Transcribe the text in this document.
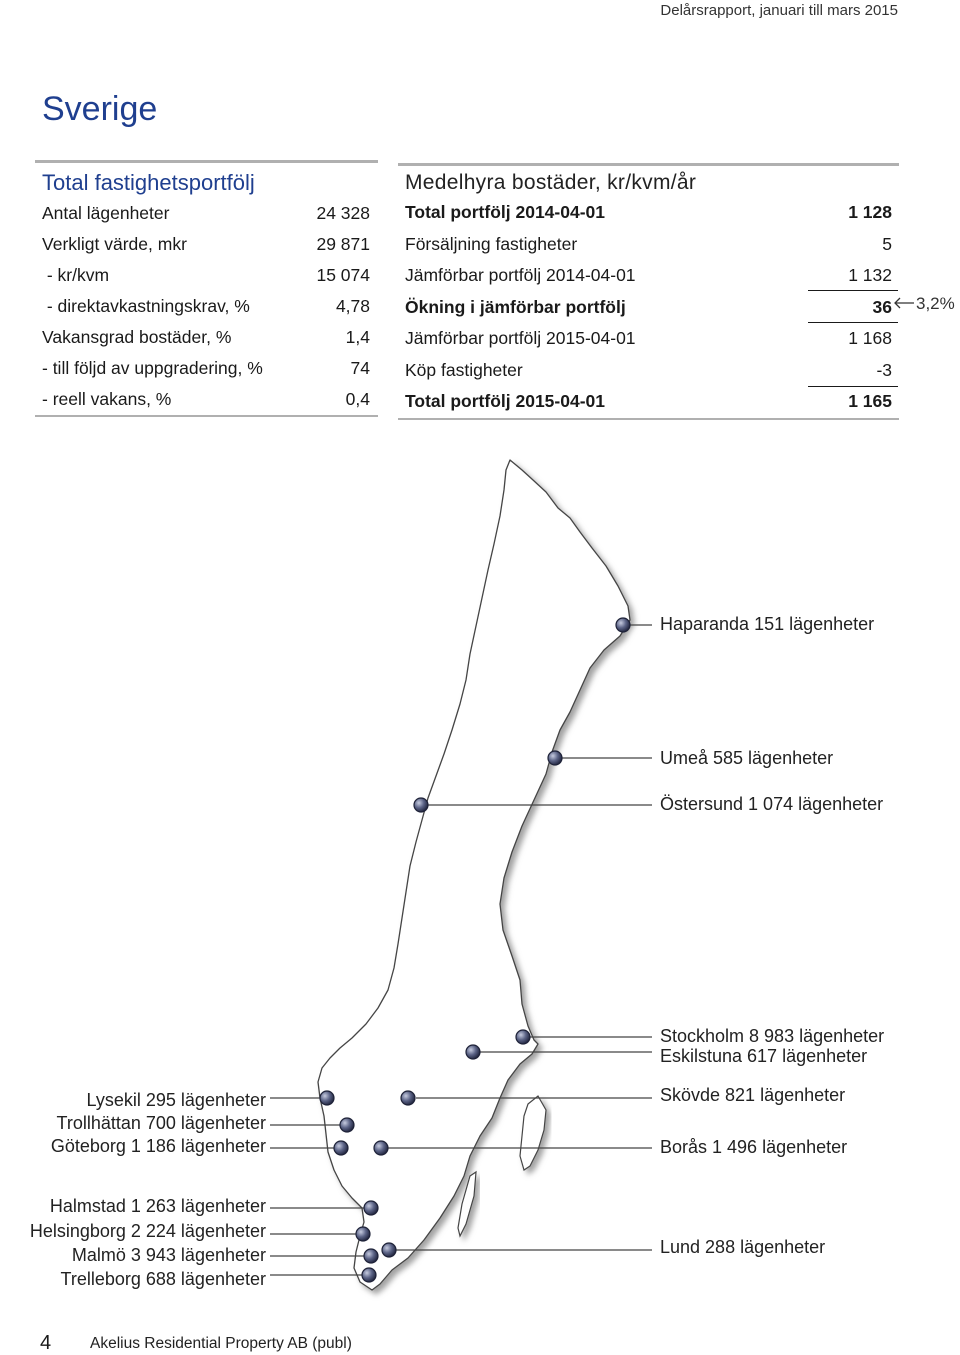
Delårsrapport, januari till mars 2015
Sverige
Total fastighetsportfölj
Antal lägenheter	24 328
Verkligt värde, mkr	29 871
- kr/kvm	15 074
- direktavkastningskrav, %	4,78
Vakansgrad bostäder, %	1,4
- till följd av uppgradering, %	74
- reell vakans, %	0,4
Medelhyra bostäder, kr/kvm/år
Total portfölj 2014-04-01	1 128
Försäljning fastigheter	5
Jämförbar portfölj 2014-04-01	1 132
Ökning i jämförbar portfölj	36
Jämförbar portfölj 2015-04-01	1 168
Köp fastigheter	-3
Total portfölj 2015-04-01	1 165
3,2%
Haparanda 151 lägenheter
Umeå 585 lägenheter
Östersund 1 074 lägenheter
Stockholm 8 983 lägenheter
Eskilstuna 617 lägenheter
Skövde 821 lägenheter
Borås 1 496 lägenheter
Lund 288 lägenheter
Lysekil 295 lägenheter
Trollhättan 700 lägenheter
Göteborg 1 186 lägenheter
Halmstad 1 263 lägenheter
Helsingborg 2 224 lägenheter
Malmö 3 943 lägenheter
Trelleborg 688 lägenheter
4	Akelius Residential Property AB (publ)
